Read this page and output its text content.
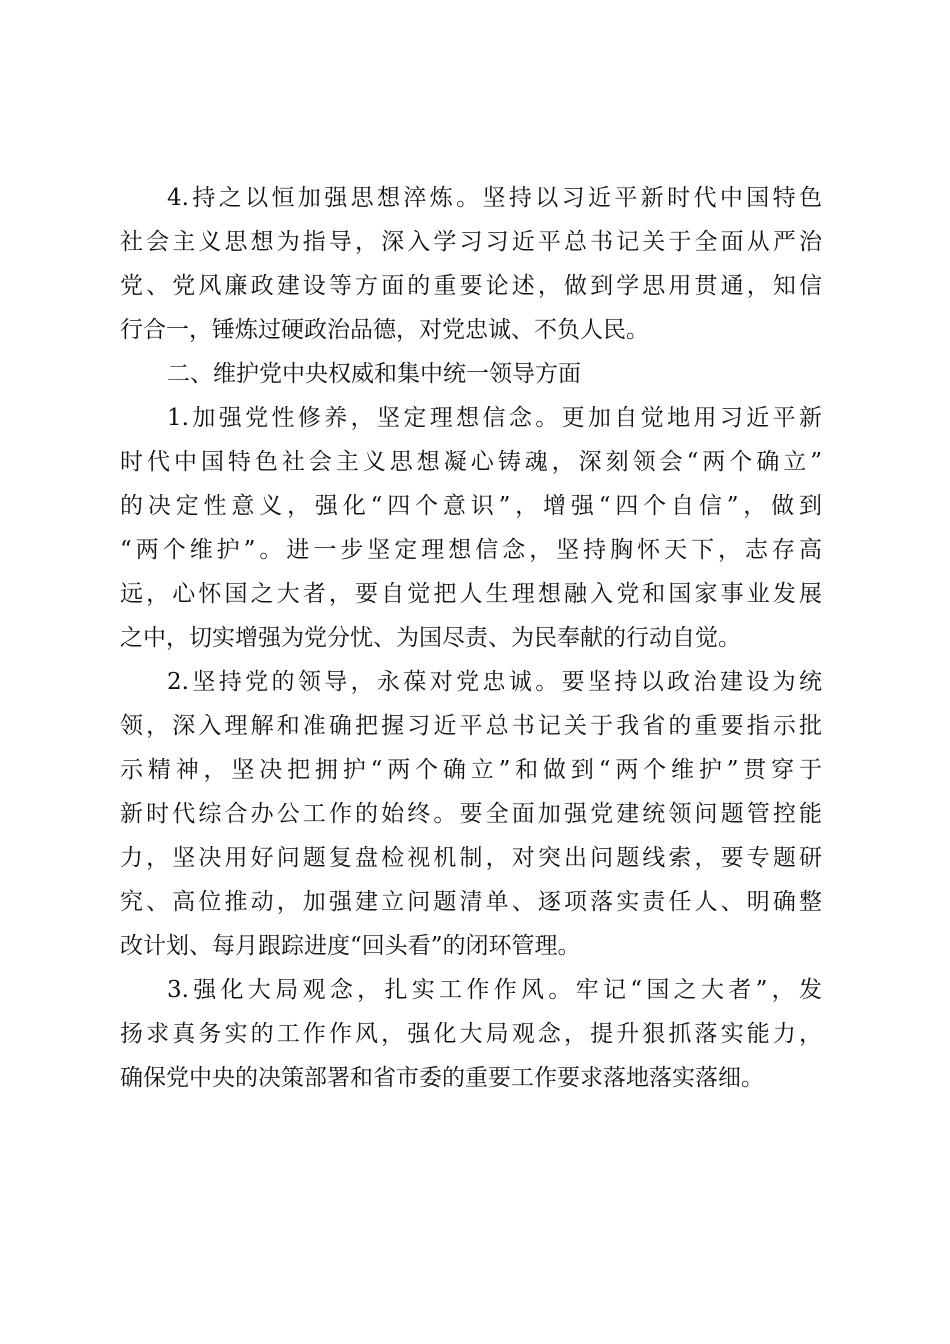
4.持之以恒加强思想淬炼。坚持以习近平新时代中国特色
社会主义思想为指导，深入学习习近平总书记关于全面从严治
党、党风廉政建设等方面的重要论述，做到学思用贯通，知信
行合一，锤炼过硬政治品德，对党忠诚、不负人民。
二、维护党中央权威和集中统一领导方面
1.加强党性修养，坚定理想信念。更加自觉地用习近平新
时代中国特色社会主义思想凝心铸魂，深刻领会“两个确立”
的决定性意义，强化“四个意识”，增强“四个自信”，做到
“两个维护”。进一步坚定理想信念，坚持胸怀天下，志存高
远，心怀国之大者，要自觉把人生理想融入党和国家事业发展
之中，切实增强为党分忧、为国尽责、为民奉献的行动自觉。
2.坚持党的领导，永葆对党忠诚。要坚持以政治建设为统
领，深入理解和准确把握习近平总书记关于我省的重要指示批
示精神，坚决把拥护“两个确立”和做到“两个维护”贯穿于
新时代综合办公工作的始终。要全面加强党建统领问题管控能
力，坚决用好问题复盘检视机制，对突出问题线索，要专题研
究、高位推动，加强建立问题清单、逐项落实责任人、明确整
改计划、每月跟踪进度“回头看”的闭环管理。
3.强化大局观念，扎实工作作风。牢记“国之大者”，发
扬求真务实的工作作风，强化大局观念，提升狠抓落实能力，
确保党中央的决策部署和省市委的重要工作要求落地落实落细。
